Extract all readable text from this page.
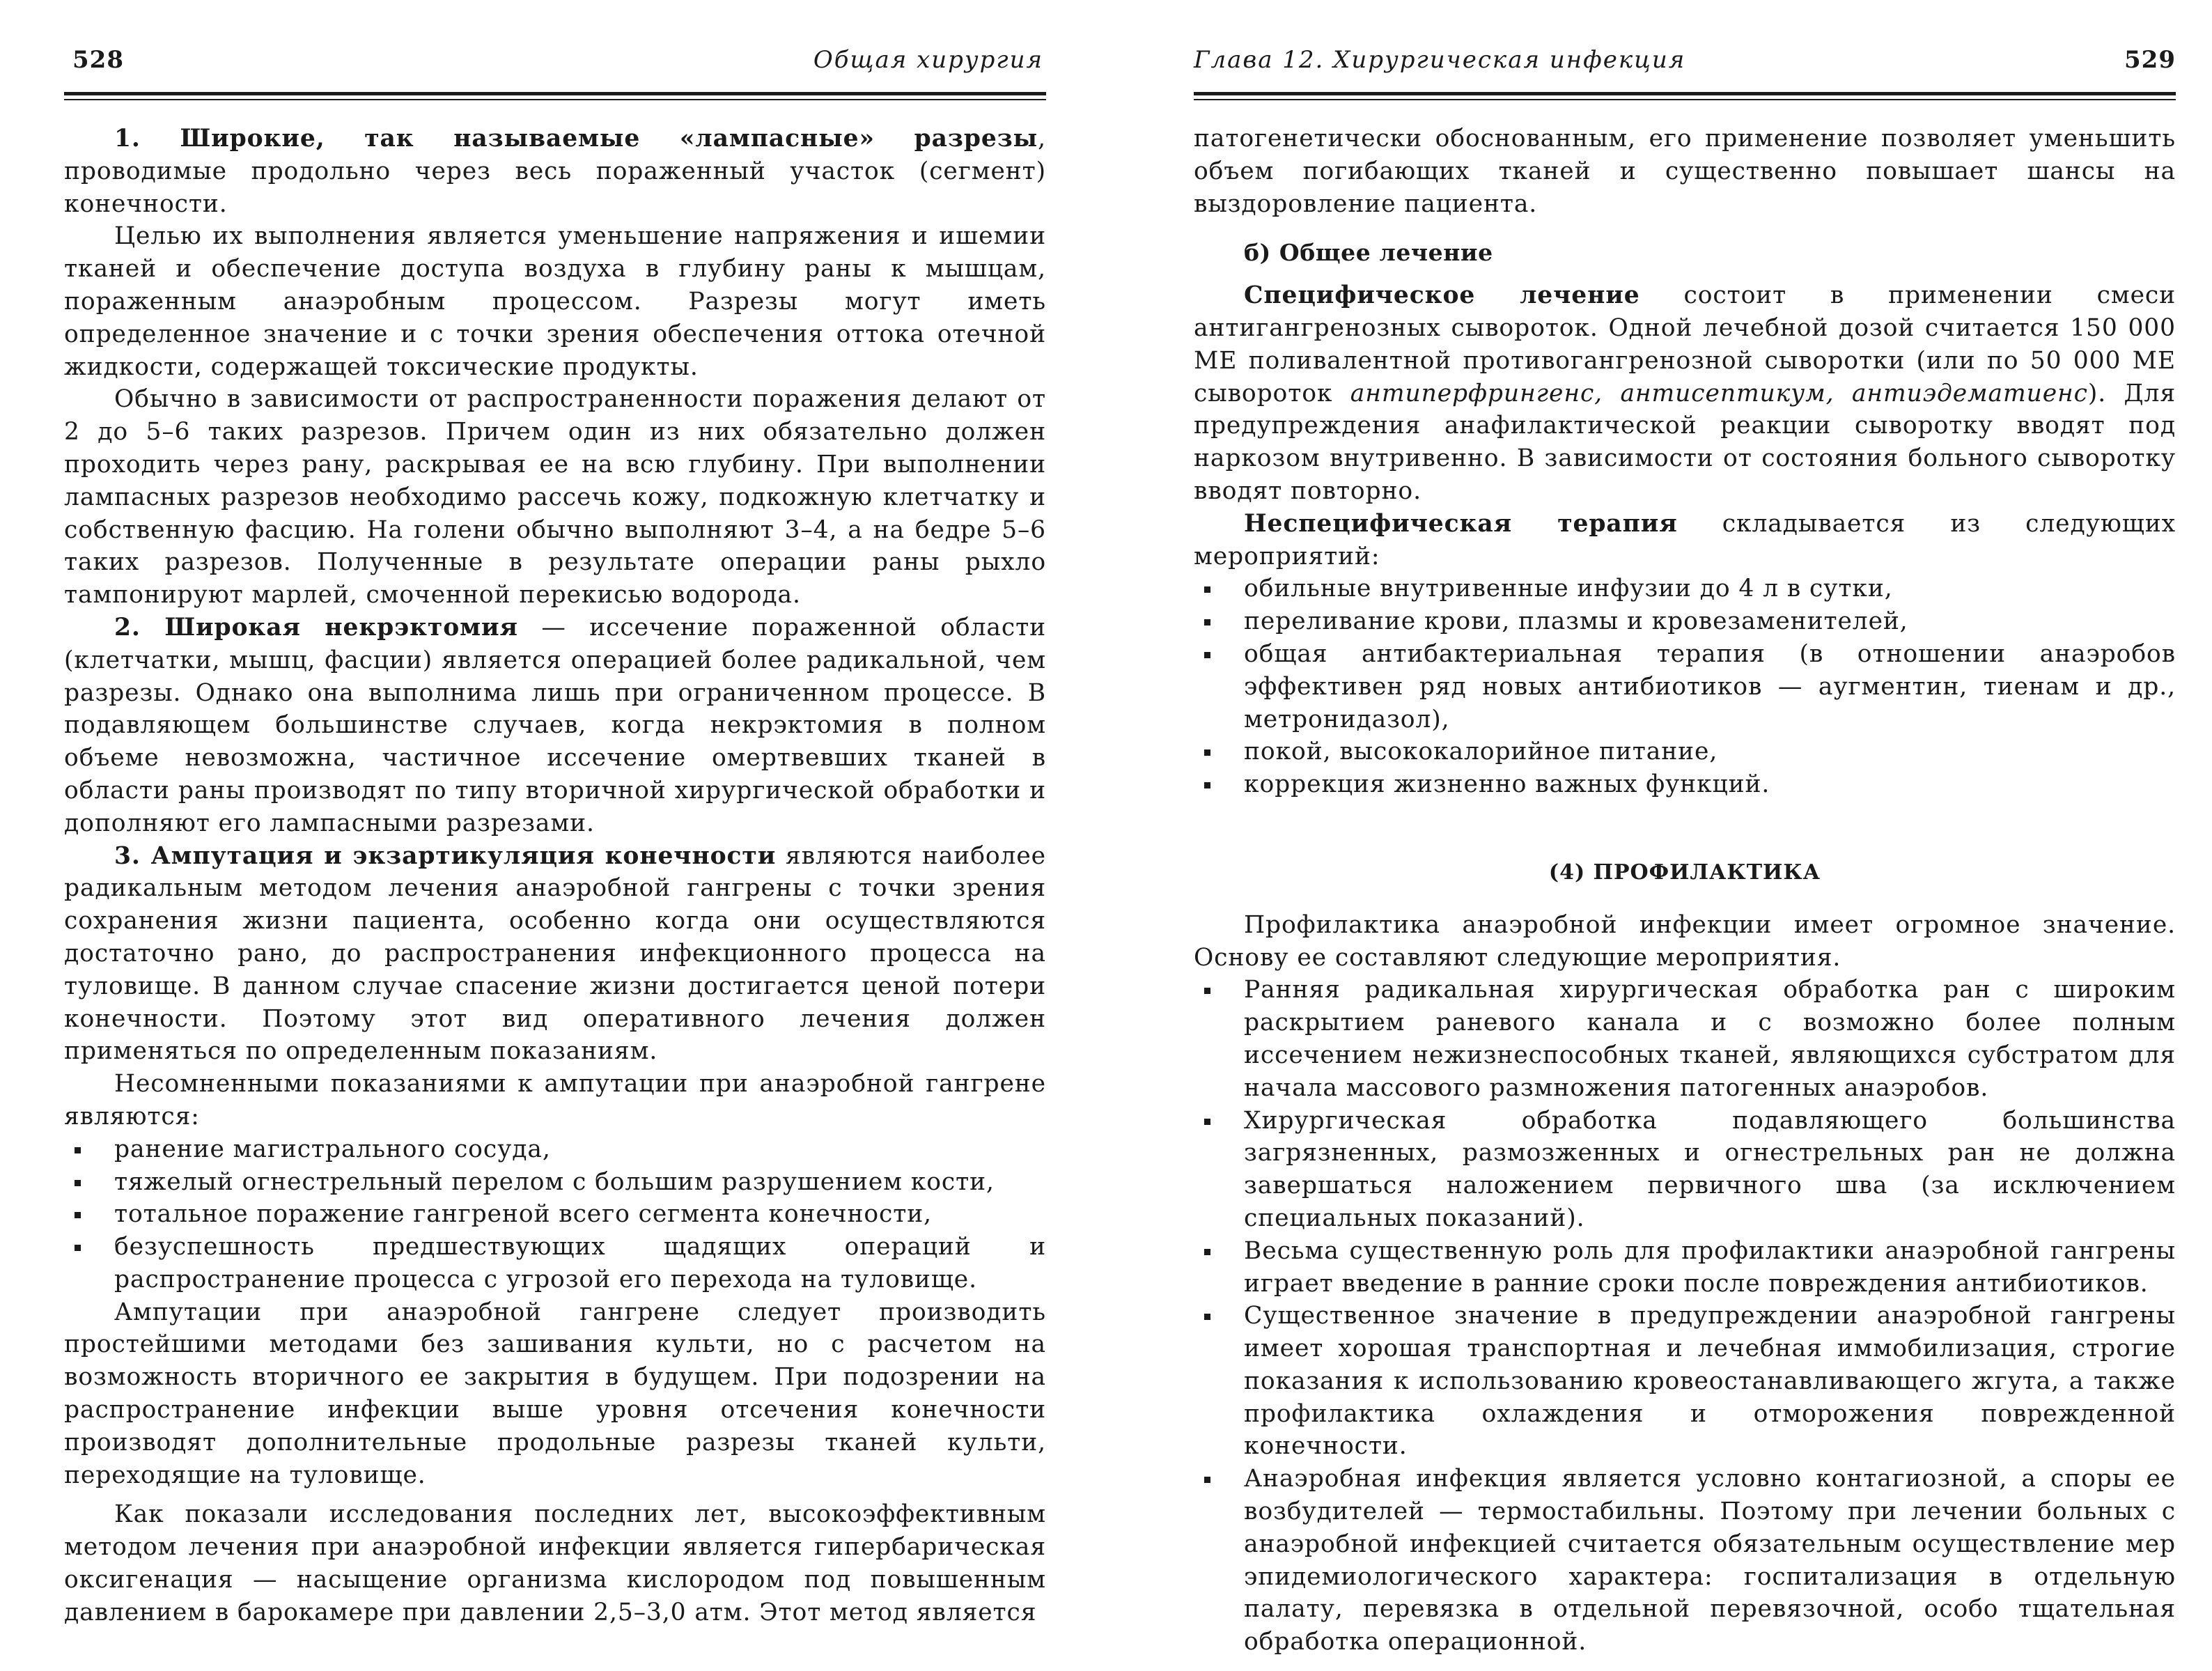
528	Общая хирургия

1. Широкие, так называемые «лампасные» разрезы, проводимые продольно через весь пораженный участок (сегмент) конечности.

Целью их выполнения является уменьшение напряжения и ишемии тканей и обеспечение доступа воздуха в глубину раны к мышцам, пораженным анаэробным процессом. Разрезы могут иметь определенное значение и с точки зрения обеспечения оттока отечной жидкости, содержащей токсические продукты.

Обычно в зависимости от распространенности поражения делают от 2 до 5–6 таких разрезов. Причем один из них обязательно должен проходить через рану, раскрывая ее на всю глубину. При выполнении лампасных разрезов необходимо рассечь кожу, подкожную клетчатку и собственную фасцию. На голени обычно выполняют 3–4, а на бедре 5–6 таких разрезов. Полученные в результате операции раны рыхло тампонируют марлей, смоченной перекисью водорода.

2. Широкая некрэктомия — иссечение пораженной области (клетчатки, мышц, фасции) является операцией более радикальной, чем разрезы. Однако она выполнима лишь при ограниченном процессе. В подавляющем большинстве случаев, когда некрэктомия в полном объеме невозможна, частичное иссечение омертвевших тканей в области раны производят по типу вторичной хирургической обработки и дополняют его лампасными разрезами.

3. Ампутация и экзартикуляция конечности являются наиболее радикальным методом лечения анаэробной гангрены с точки зрения сохранения жизни пациента, особенно когда они осуществляются достаточно рано, до распространения инфекционного процесса на туловище. В данном случае спасение жизни достигается ценой потери конечности. Поэтому этот вид оперативного лечения должен применяться по определенным показаниям.

Несомненными показаниями к ампутации при анаэробной гангрене являются:

ранение магистрального сосуда,
тяжелый огнестрельный перелом с большим разрушением кости,
тотальное поражение гангреной всего сегмента конечности,
безуспешность предшествующих щадящих операций и распространение процесса с угрозой его перехода на туловище.

Ампутации при анаэробной гангрене следует производить простейшими методами без зашивания культи, но с расчетом на возможность вторичного ее закрытия в будущем. При подозрении на распространение инфекции выше уровня отсечения конечности производят дополнительные продольные разрезы тканей культи, переходящие на туловище.

Как показали исследования последних лет, высокоэффективным методом лечения при анаэробной инфекции является гипербарическая оксигенация — насыщение организма кислородом под повышенным давлением в барокамере при давлении 2,5–3,0 атм. Этот метод является

Глава 12. Хирургическая инфекция	529

патогенетически обоснованным, его применение позволяет уменьшить объем погибающих тканей и существенно повышает шансы на выздоровление пациента.

б) Общее лечение

Специфическое лечение состоит в применении смеси антигангренозных сывороток. Одной лечебной дозой считается 150 000 МЕ поливалентной противогангренозной сыворотки (или по 50 000 МЕ сывороток антиперфрингенс, антисептикум, антиэдематиенс). Для предупреждения анафилактической реакции сыворотку вводят под наркозом внутривенно. В зависимости от состояния больного сыворотку вводят повторно.

Неспецифическая терапия складывается из следующих мероприятий:

обильные внутривенные инфузии до 4 л в сутки,
переливание крови, плазмы и кровезаменителей,
общая антибактериальная терапия (в отношении анаэробов эффективен ряд новых антибиотиков — аугментин, тиенам и др., метронидазол),
покой, высококалорийное питание,
коррекция жизненно важных функций.
(4) ПРОФИЛАКТИКА

Профилактика анаэробной инфекции имеет огромное значение. Основу ее составляют следующие мероприятия.

Ранняя радикальная хирургическая обработка ран с широким раскрытием раневого канала и с возможно более полным иссечением нежизнеспособных тканей, являющихся субстратом для начала массового размножения патогенных анаэробов.
Хирургическая обработка подавляющего большинства загрязненных, размозженных и огнестрельных ран не должна завершаться наложением первичного шва (за исключением специальных показаний).
Весьма существенную роль для профилактики анаэробной гангрены играет введение в ранние сроки после повреждения антибиотиков.
Существенное значение в предупреждении анаэробной гангрены имеет хорошая транспортная и лечебная иммобилизация, строгие показания к использованию кровеостанавливающего жгута, а также профилактика охлаждения и отморожения поврежденной конечности.
Анаэробная инфекция является условно контагиозной, а споры ее возбудителей — термостабильны. Поэтому при лечении больных с анаэробной инфекцией считается обязательным осуществление мер эпидемиологического характера: госпитализация в отдельную палату, перевязка в отдельной перевязочной, особо тщательная обработка операционной.
